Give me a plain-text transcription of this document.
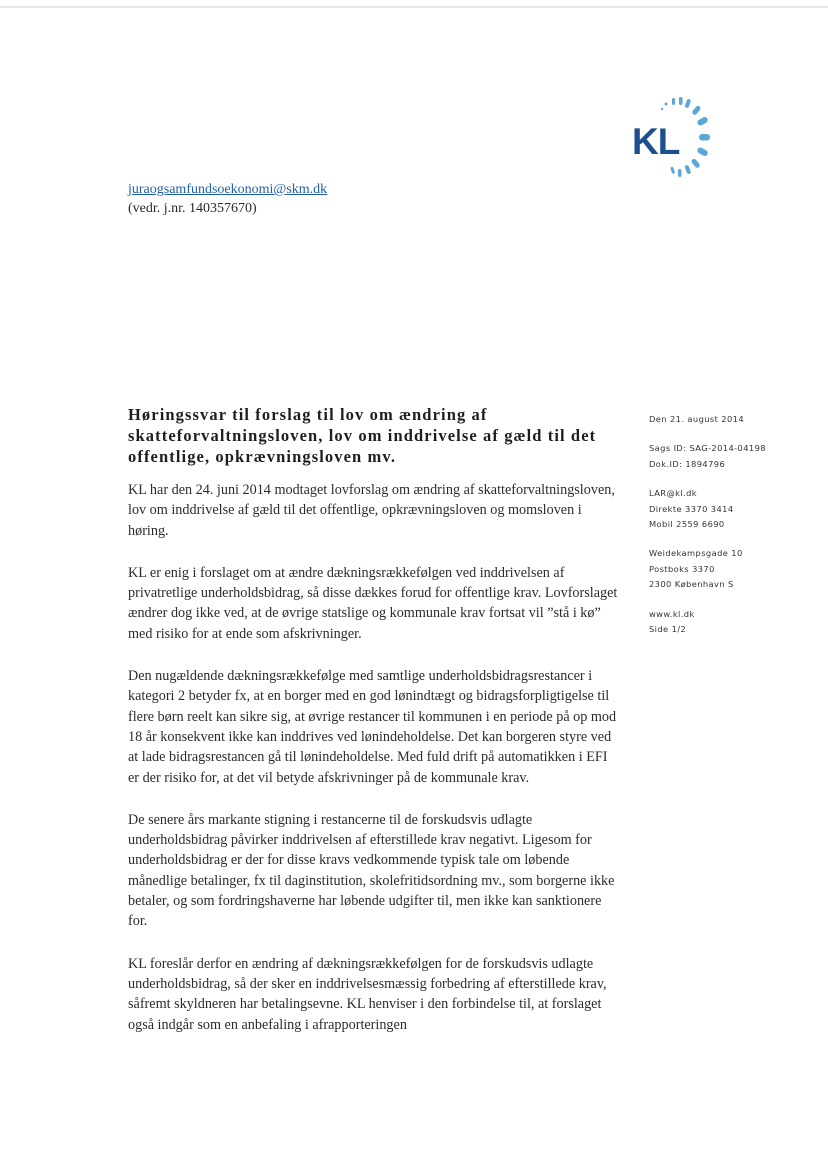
KL
juraogsamfundsoekonomi@skm.dk
(vedr. j.nr. 140357670)
Høringssvar til forslag til lov om ændring af skatteforvaltningsloven, lov om inddrivelse af gæld til det offentlige, opkrævningsloven mv.

KL har den 24. juni 2014 modtaget lovforslag om ændring af skatteforvaltningsloven, lov om inddrivelse af gæld til det offentlige, opkrævningsloven og momsloven i høring.

KL er enig i forslaget om at ændre dækningsrækkefølgen ved inddrivelsen af privatretlige underholdsbidrag, så disse dækkes forud for offentlige krav. Lovforslaget ændrer dog ikke ved, at de øvrige statslige og kommunale krav fortsat vil ”stå i kø” med risiko for at ende som afskrivninger.

Den nugældende dækningsrækkefølge med samtlige underholdsbidragsrestancer i kategori 2 betyder fx, at en borger med en god lønindtægt og bidragsforpligtigelse til flere børn reelt kan sikre sig, at øvrige restancer til kommunen i en periode på op mod 18 år konsekvent ikke kan inddrives ved lønindeholdelse. Det kan borgeren styre ved at lade bidragsrestancen gå til lønindeholdelse. Med fuld drift på automatikken i EFI er der risiko for, at det vil betyde afskrivninger på de kommunale krav.

De senere års markante stigning i restancerne til de forskudsvis udlagte underholdsbidrag påvirker inddrivelsen af efterstillede krav negativt. Ligesom for underholdsbidrag er der for disse kravs vedkommende typisk tale om løbende månedlige betalinger, fx til daginstitution, skolefritidsordning mv., som borgerne ikke betaler, og som fordringshaverne har løbende udgifter til, men ikke kan sanktionere for.

KL foreslår derfor en ændring af dækningsrækkefølgen for de forskudsvis udlagte underholdsbidrag, så der sker en inddrivelsesmæssig forbedring af efterstillede krav, såfremt skyldneren har betalingsevne. KL henviser i den forbindelse til, at forslaget også indgår som en anbefaling i afrapporteringen

Den 21. august 2014
Sags ID: SAG-2014-04198
Dok.ID: 1894796
LAR@kl.dk
Direkte 3370 3414
Mobil 2559 6690
Weidekampsgade 10
Postboks 3370
2300 København S
www.kl.dk
Side 1/2
